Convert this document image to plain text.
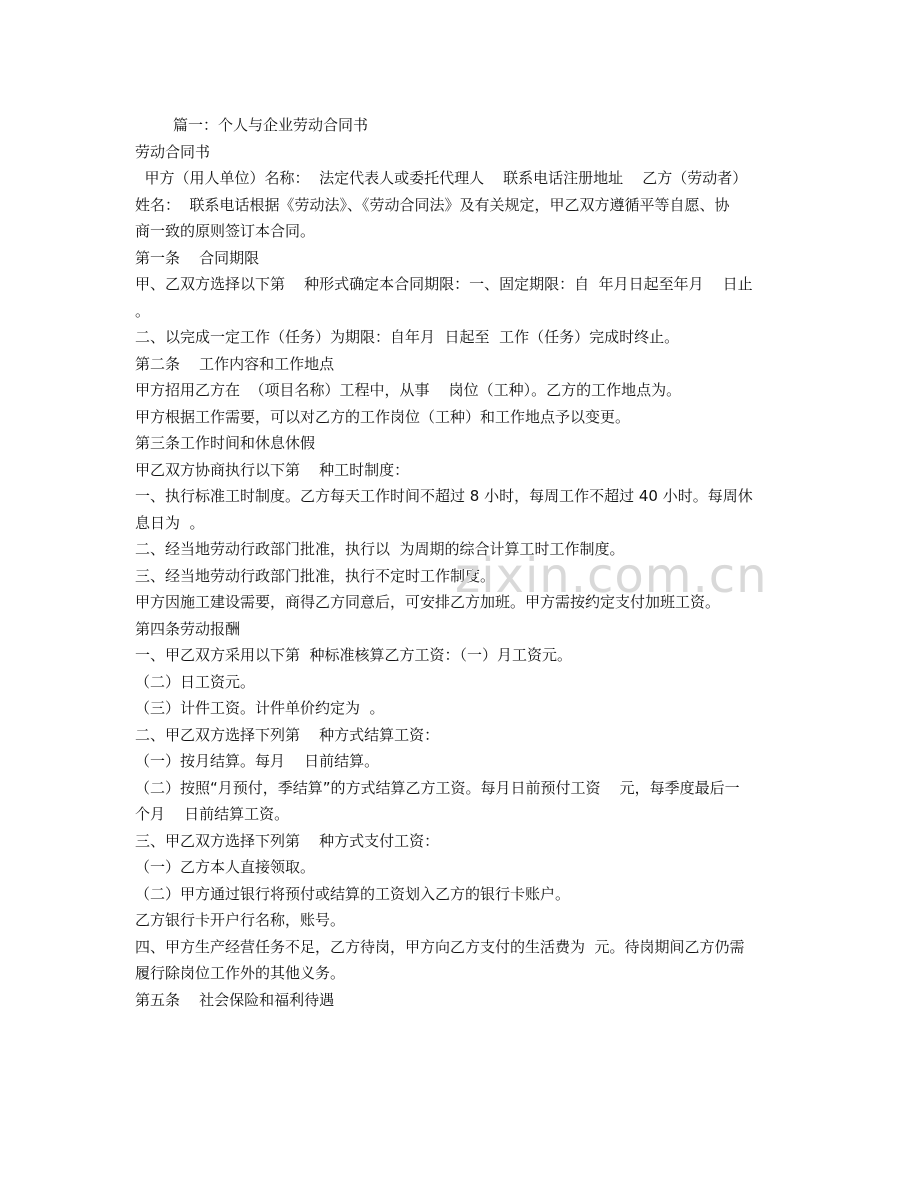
篇一：个人与企业劳动合同书

劳动合同书

甲方（用人单位）名称：  法定代表人或委托代理人    联系电话注册地址    乙方（劳动者）

姓名：  联系电话根据《劳动法》、《劳动合同法》及有关规定，甲乙双方遵循平等自愿、协

商一致的原则签订本合同。

第一条    合同期限

甲、乙双方选择以下第    种形式确定本合同期限：一、固定期限：自  年月日起至年月    日止

。

二、以完成一定工作（任务）为期限：自年月  日起至  工作（任务）完成时终止。

第二条    工作内容和工作地点

甲方招用乙方在  （项目名称）工程中，从事    岗位（工种）。乙方的工作地点为。

甲方根据工作需要，可以对乙方的工作岗位（工种）和工作地点予以变更。

第三条工作时间和休息休假

甲乙双方协商执行以下第    种工时制度：

一、执行标准工时制度。乙方每天工作时间不超过 8 小时，每周工作不超过 40 小时。每周休

息日为  。

二、经当地劳动行政部门批准，执行以  为周期的综合计算工时工作制度。

三、经当地劳动行政部门批准，执行不定时工作制度。

甲方因施工建设需要，商得乙方同意后，可安排乙方加班。甲方需按约定支付加班工资。

第四条劳动报酬

一、甲乙双方采用以下第  种标准核算乙方工资：（一）月工资元。

（二）日工资元。

（三）计件工资。计件单价约定为  。

二、甲乙双方选择下列第    种方式结算工资：

（一）按月结算。每月    日前结算。

（二）按照“月预付，季结算”的方式结算乙方工资。每月日前预付工资    元，每季度最后一

个月    日前结算工资。

三、甲乙双方选择下列第    种方式支付工资：

（一）乙方本人直接领取。

（二）甲方通过银行将预付或结算的工资划入乙方的银行卡账户。

乙方银行卡开户行名称，账号。

四、甲方生产经营任务不足，乙方待岗，甲方向乙方支付的生活费为  元。待岗期间乙方仍需

履行除岗位工作外的其他义务。

第五条    社会保险和福利待遇

zixin.com.cn
